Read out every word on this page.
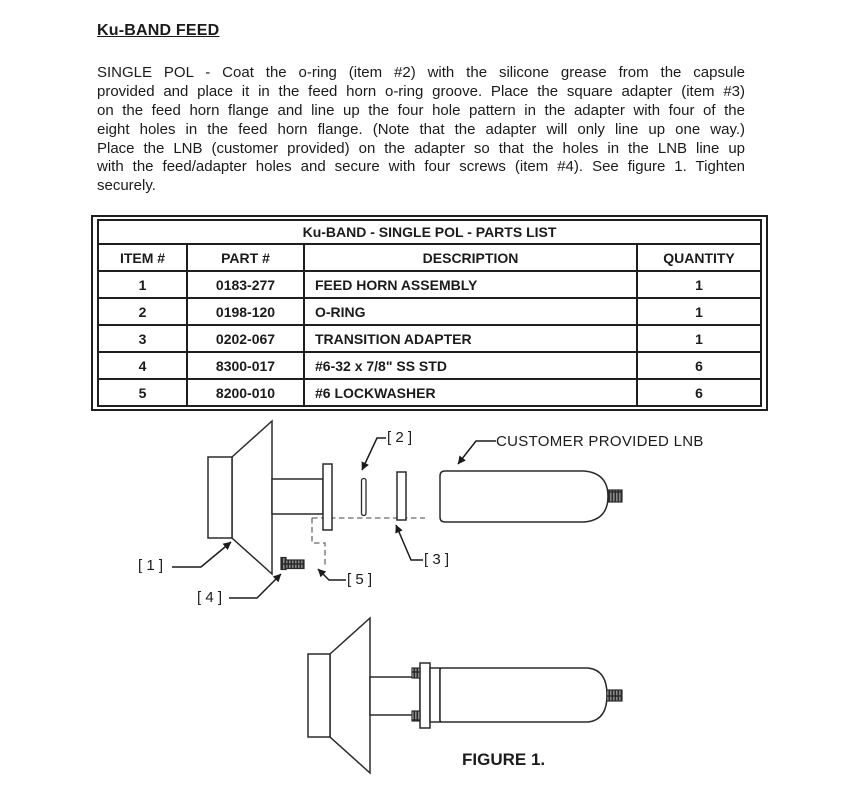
Ku-BAND FEED
SINGLE POL - Coat the o-ring (item #2) with the silicone grease from the capsule
provided and place it in the feed horn o-ring groove. Place the square adapter (item #3)
on the feed horn flange and line up the four hole pattern in the adapter with four of the
eight holes in the feed horn flange. (Note that the adapter will only line up one way.)
Place the LNB (customer provided) on the adapter so that the holes in the LNB line up
with the feed/adapter holes and secure with four screws (item #4). See figure 1. Tighten
securely.
Ku-BAND - SINGLE POL - PARTS LIST			
ITEM #	PART #	DESCRIPTION	QUANTITY
1	0183-277	FEED HORN ASSEMBLY	1
2	0198-120	O-RING	1
3	0202-067	TRANSITION ADAPTER	1
4	8300-017	#6-32 x 7/8" SS STD	6
5	8200-010	#6 LOCKWASHER	6
[ 1 ]
[ 2 ]
[ 3 ]
[ 4 ]
[ 5 ]
CUSTOMER PROVIDED LNB
FIGURE 1.
